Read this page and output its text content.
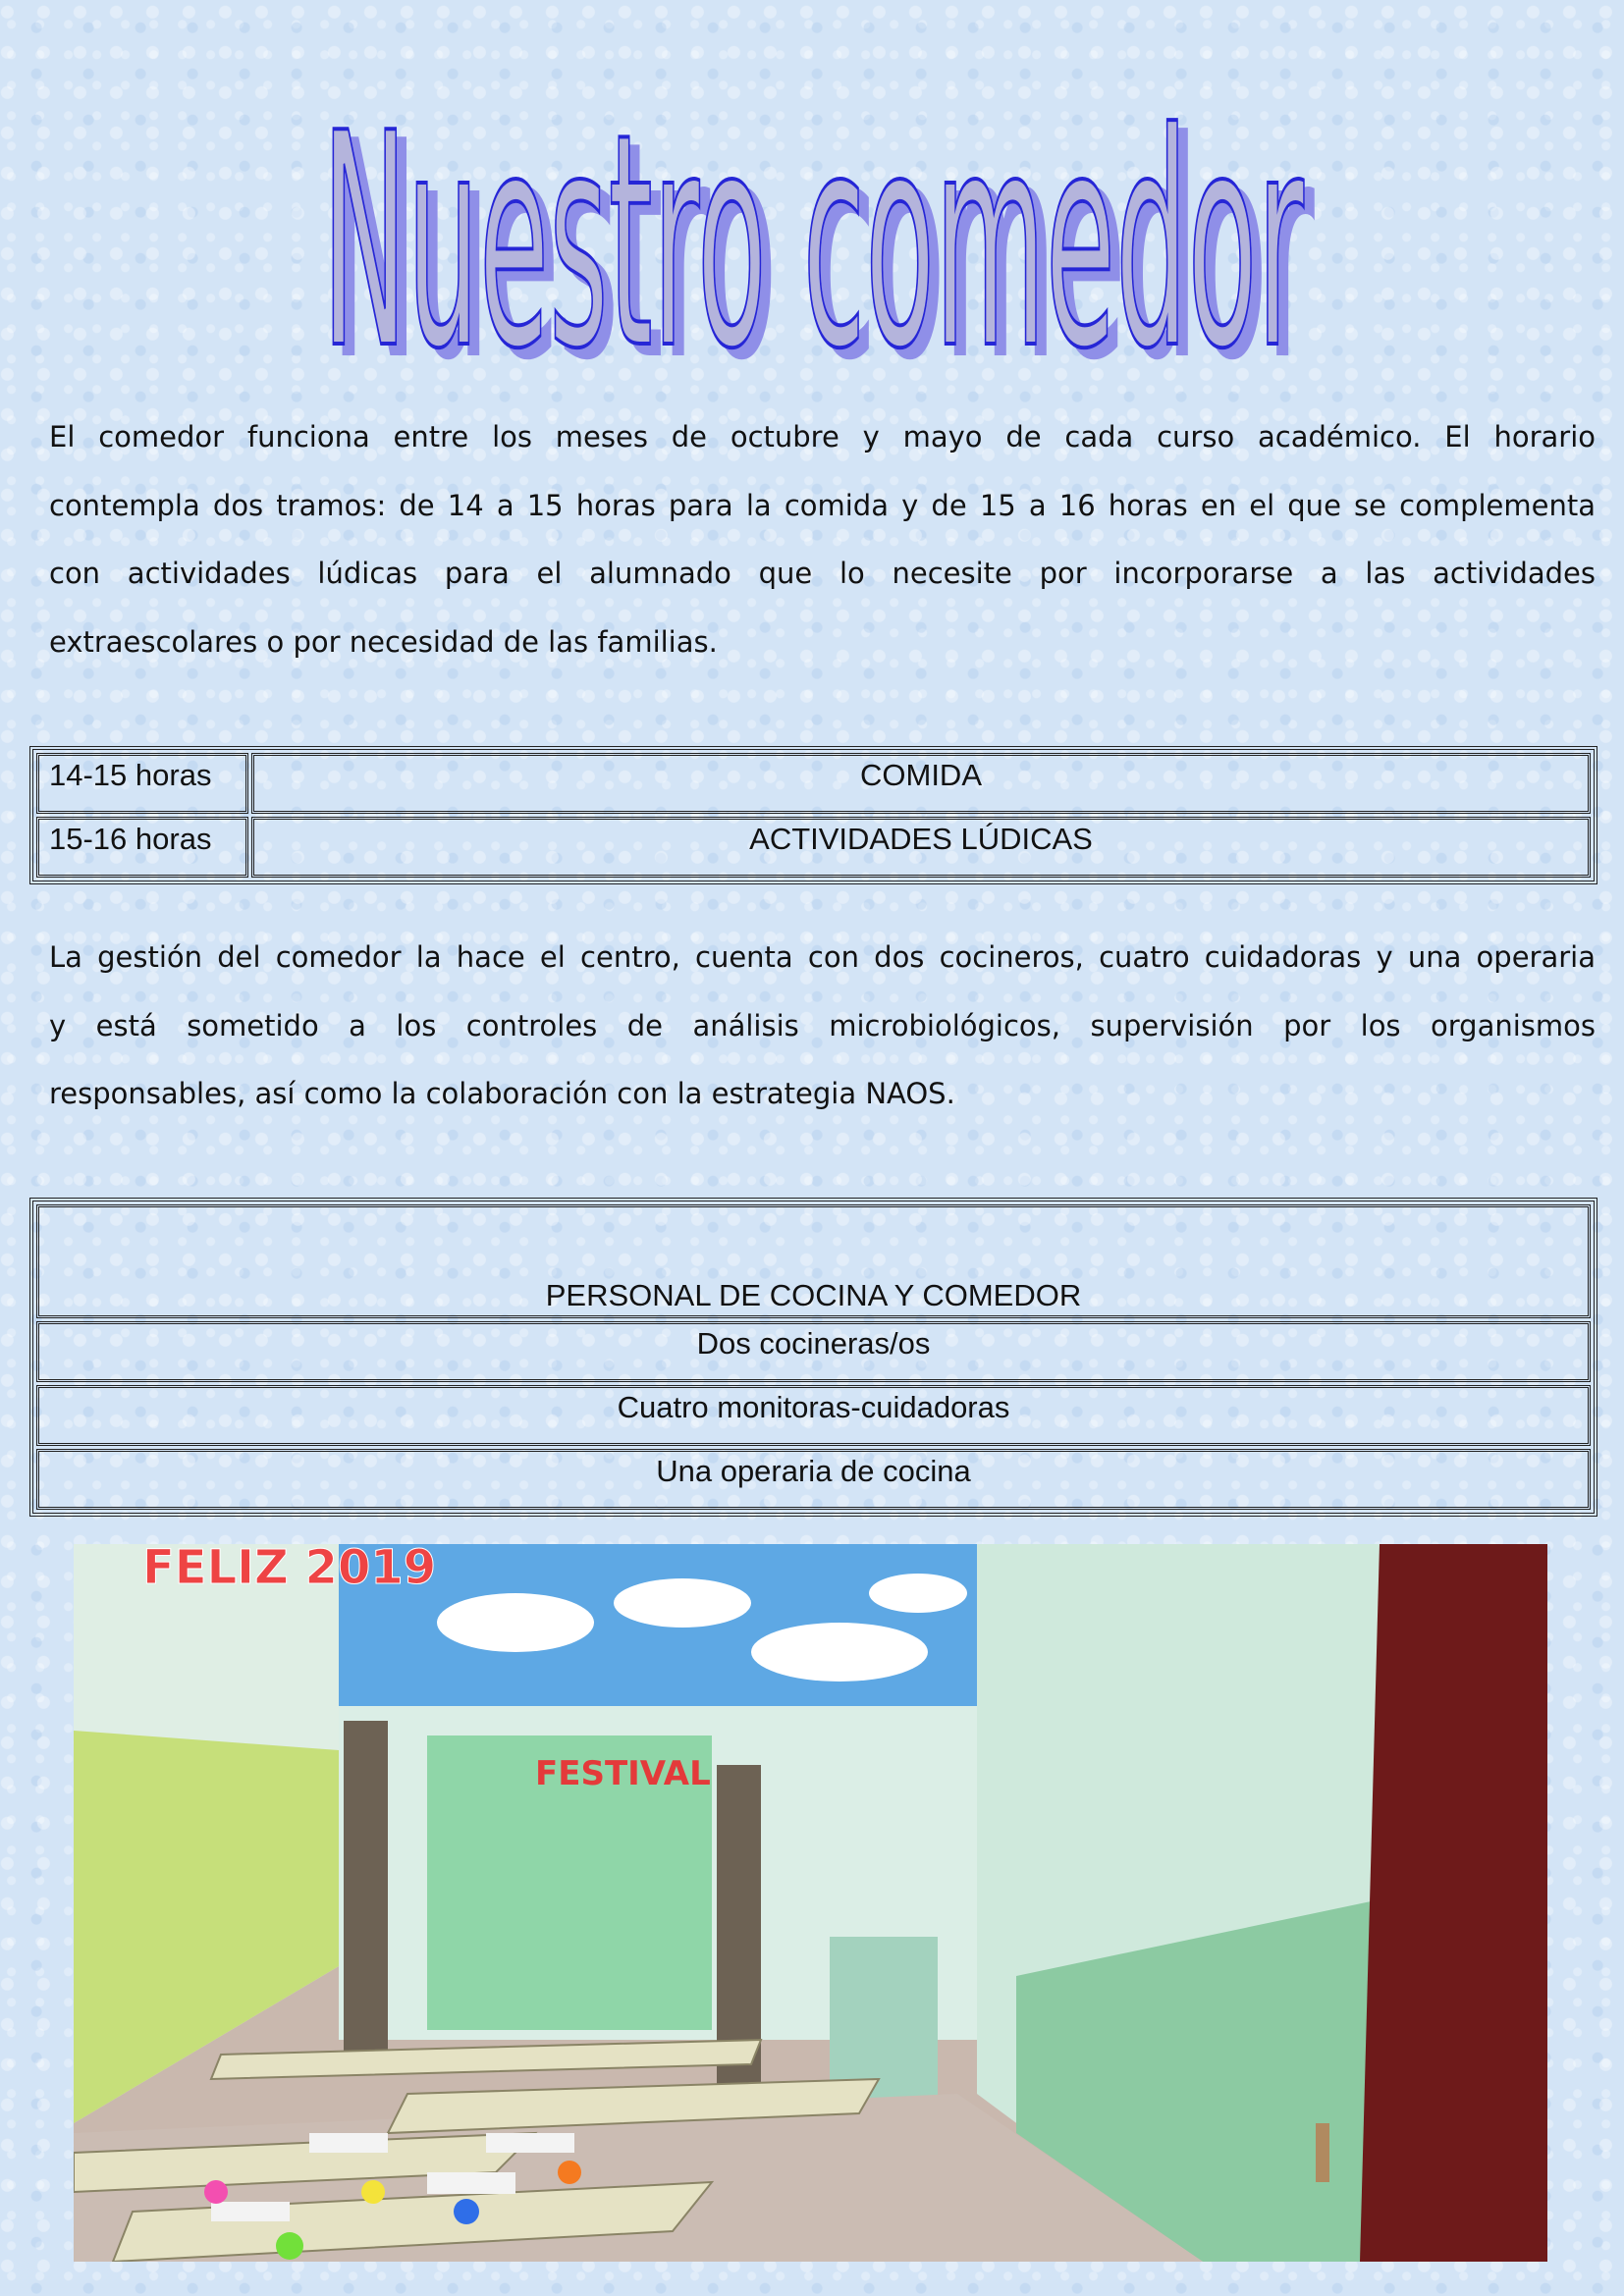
Nuestro comedor
El comedor funciona entre los meses de octubre y mayo de cada curso académico. El horario
contempla dos tramos: de 14 a 15 horas para la comida y de 15 a 16 horas en el que se complementa
con actividades lúdicas para el alumnado que lo necesite por incorporarse a las actividades
extraescolares o por necesidad de las familias.
14-15 horas	COMIDA
15-16 horas	ACTIVIDADES LÚDICAS
La gestión del comedor la hace el centro, cuenta con dos cocineros, cuatro cuidadoras y una operaria
y está sometido a los controles de análisis microbiológicos, supervisión por los organismos
responsables, así como la colaboración con la estrategia NAOS.
PERSONAL DE COCINA Y COMEDOR
Dos cocineras/os
Cuatro monitoras-cuidadoras
Una operaria de cocina
FESTIVAL
FELIZ 2019
